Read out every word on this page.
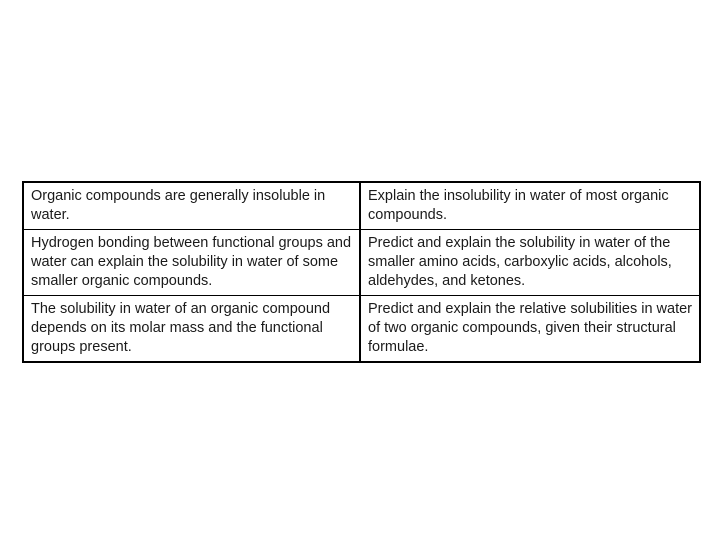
Organic compounds are generally insoluble in water.	Explain the insolubility in water of most organic compounds.
Hydrogen bonding between functional groups and water can explain the solubility in water of some smaller organic compounds.	Predict and explain the solubility in water of the smaller amino acids, carboxylic acids, alcohols, aldehydes, and ketones.
The solubility in water of an organic compound depends on its molar mass and the functional groups present.	Predict and explain the relative solubilities in water of two organic compounds, given their structural formulae.
